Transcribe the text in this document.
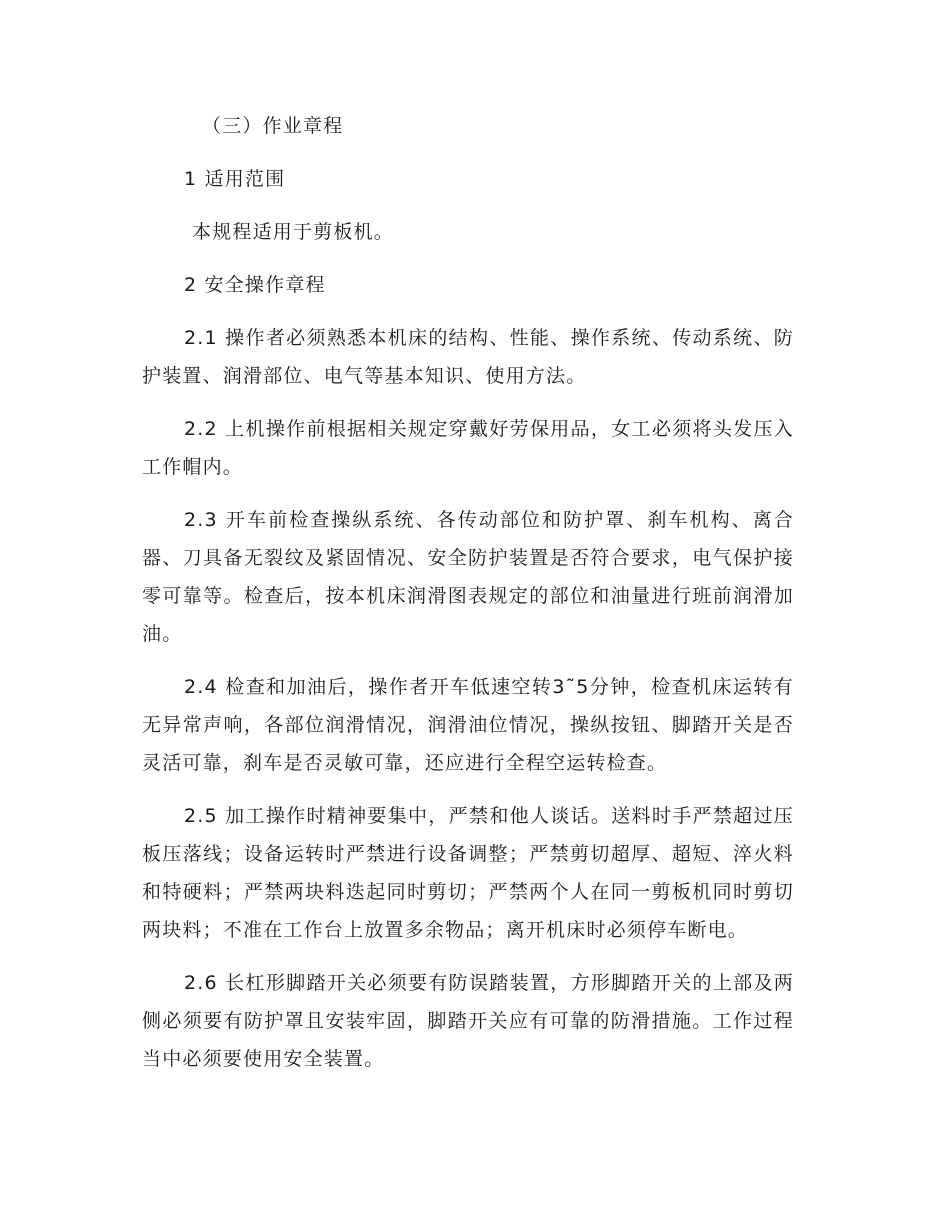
（三）作业章程

1 适用范围

本规程适用于剪板机。

2 安全操作章程

2.1 操作者必须熟悉本机床的结构、性能、操作系统、传动系统、防护装置、润滑部位、电气等基本知识、使用方法。

2.2 上机操作前根据相关规定穿戴好劳保用品，女工必须将头发压入工作帽内。

2.3 开车前检查操纵系统、各传动部位和防护罩、刹车机构、离合器、刀具备无裂纹及紧固情况、安全防护装置是否符合要求，电气保护接零可靠等。检查后，按本机床润滑图表规定的部位和油量进行班前润滑加油。

2.4 检查和加油后，操作者开车低速空转3˜5分钟，检查机床运转有无异常声响，各部位润滑情况，润滑油位情况，操纵按钮、脚踏开关是否灵活可靠，刹车是否灵敏可靠，还应进行全程空运转检查。

2.5 加工操作时精神要集中，严禁和他人谈话。送料时手严禁超过压板压落线；设备运转时严禁进行设备调整；严禁剪切超厚、超短、淬火料和特硬料；严禁两块料迭起同时剪切；严禁两个人在同一剪板机同时剪切两块料；不准在工作台上放置多余物品；离开机床时必须停车断电。

2.6 长杠形脚踏开关必须要有防误踏装置，方形脚踏开关的上部及两侧必须要有防护罩且安装牢固，脚踏开关应有可靠的防滑措施。工作过程当中必须要使用安全装置。
